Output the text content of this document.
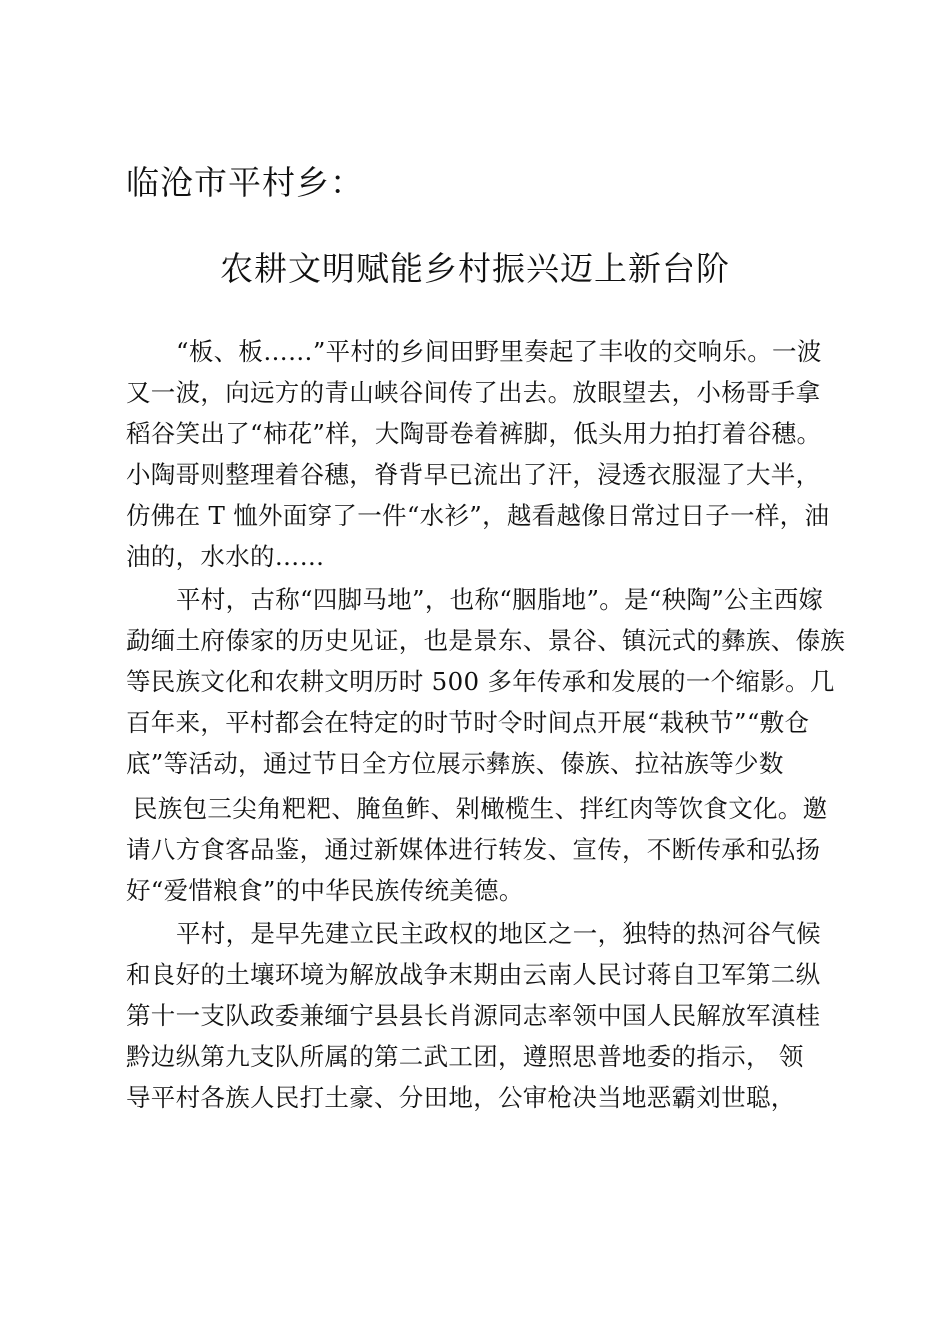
临沧市平村乡：
农耕文明赋能乡村振兴迈上新台阶
“板、板……”平村的乡间田野里奏起了丰收的交响乐。一波
又一波，向远方的青山峡谷间传了出去。放眼望去，小杨哥手拿
稻谷笑出了“柿花”样，大陶哥卷着裤脚，低头用力拍打着谷穗。
小陶哥则整理着谷穗，脊背早已流出了汗，浸透衣服湿了大半，
仿佛在 T 恤外面穿了一件“水衫”，越看越像日常过日子一样，油
油的，水水的……
平村，古称“四脚马地”，也称“胭脂地”。是“秧陶”公主西嫁
勐缅土府傣家的历史见证，也是景东、景谷、镇沅式的彝族、傣族
等民族文化和农耕文明历时 500 多年传承和发展的一个缩影。几
百年来，平村都会在特定的时节时令时间点开展“栽秧节”“敷仓
底”等活动，通过节日全方位展示彝族、傣族、拉祜族等少数
民族包三尖角粑粑、腌鱼鲊、剁橄榄生、拌红肉等饮食文化。邀
请八方食客品鉴，通过新媒体进行转发、宣传，不断传承和弘扬
好“爱惜粮食”的中华民族传统美德。
平村，是早先建立民主政权的地区之一，独特的热河谷气候
和良好的土壤环境为解放战争末期由云南人民讨蒋自卫军第二纵
第十一支队政委兼缅宁县县长肖源同志率领中国人民解放军滇桂
黔边纵第九支队所属的第二武工团，遵照思普地委的指示， 领
导平村各族人民打土豪、分田地，公审枪决当地恶霸刘世聪，
